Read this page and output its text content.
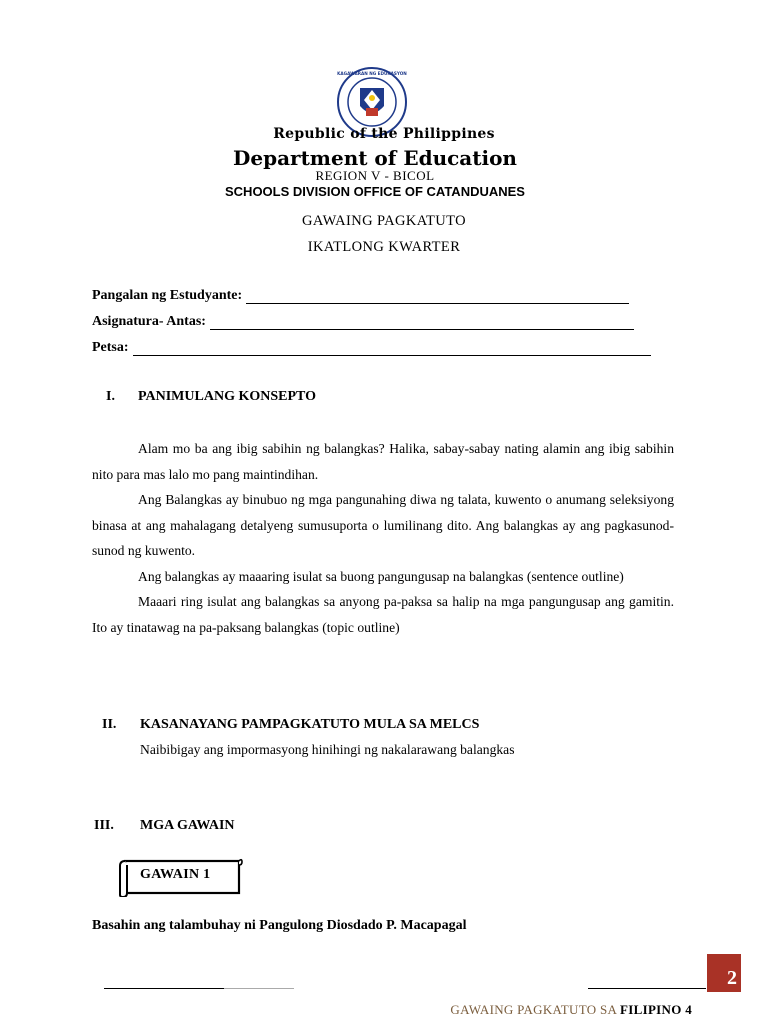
KAGAWARAN NG EDUKASYON
Republic of the Philippines
Department of Education
REGION V - BICOL
SCHOOLS DIVISION OFFICE OF CATANDUANES
GAWAING PAGKATUTO
IKATLONG KWARTER
Pangalan ng Estudyante:
Asignatura- Antas:
Petsa:
I. PANIMULANG KONSEPTO

Alam mo ba ang ibig sabihin ng balangkas? Halika, sabay-sabay nating alamin ang ibig sabihin nito para mas lalo mo pang maintindihan.

Ang Balangkas ay binubuo ng mga pangunahing diwa ng talata, kuwento o anumang seleksiyong binasa at ang mahalagang detalyeng sumusuporta o lumilinang dito. Ang balangkas ay ang pagkasunod-sunod ng kuwento.

Ang balangkas ay maaaring isulat sa buong pangungusap na balangkas (sentence outline)

Maaari ring isulat ang balangkas sa anyong pa-paksa sa halip na mga pangungusap ang gamitin. Ito ay tinatawag na pa-paksang balangkas (topic outline)

II. KASANAYANG PAMPAGKATUTO MULA SA MELCS
Naibibigay ang impormasyong hinihingi ng nakalarawang balangkas
III. MGA GAWAIN
GAWAIN 1
Basahin ang talambuhay ni Pangulong Diosdado P. Macapagal
2
GAWAING PAGKATUTO SA FILIPINO 4
